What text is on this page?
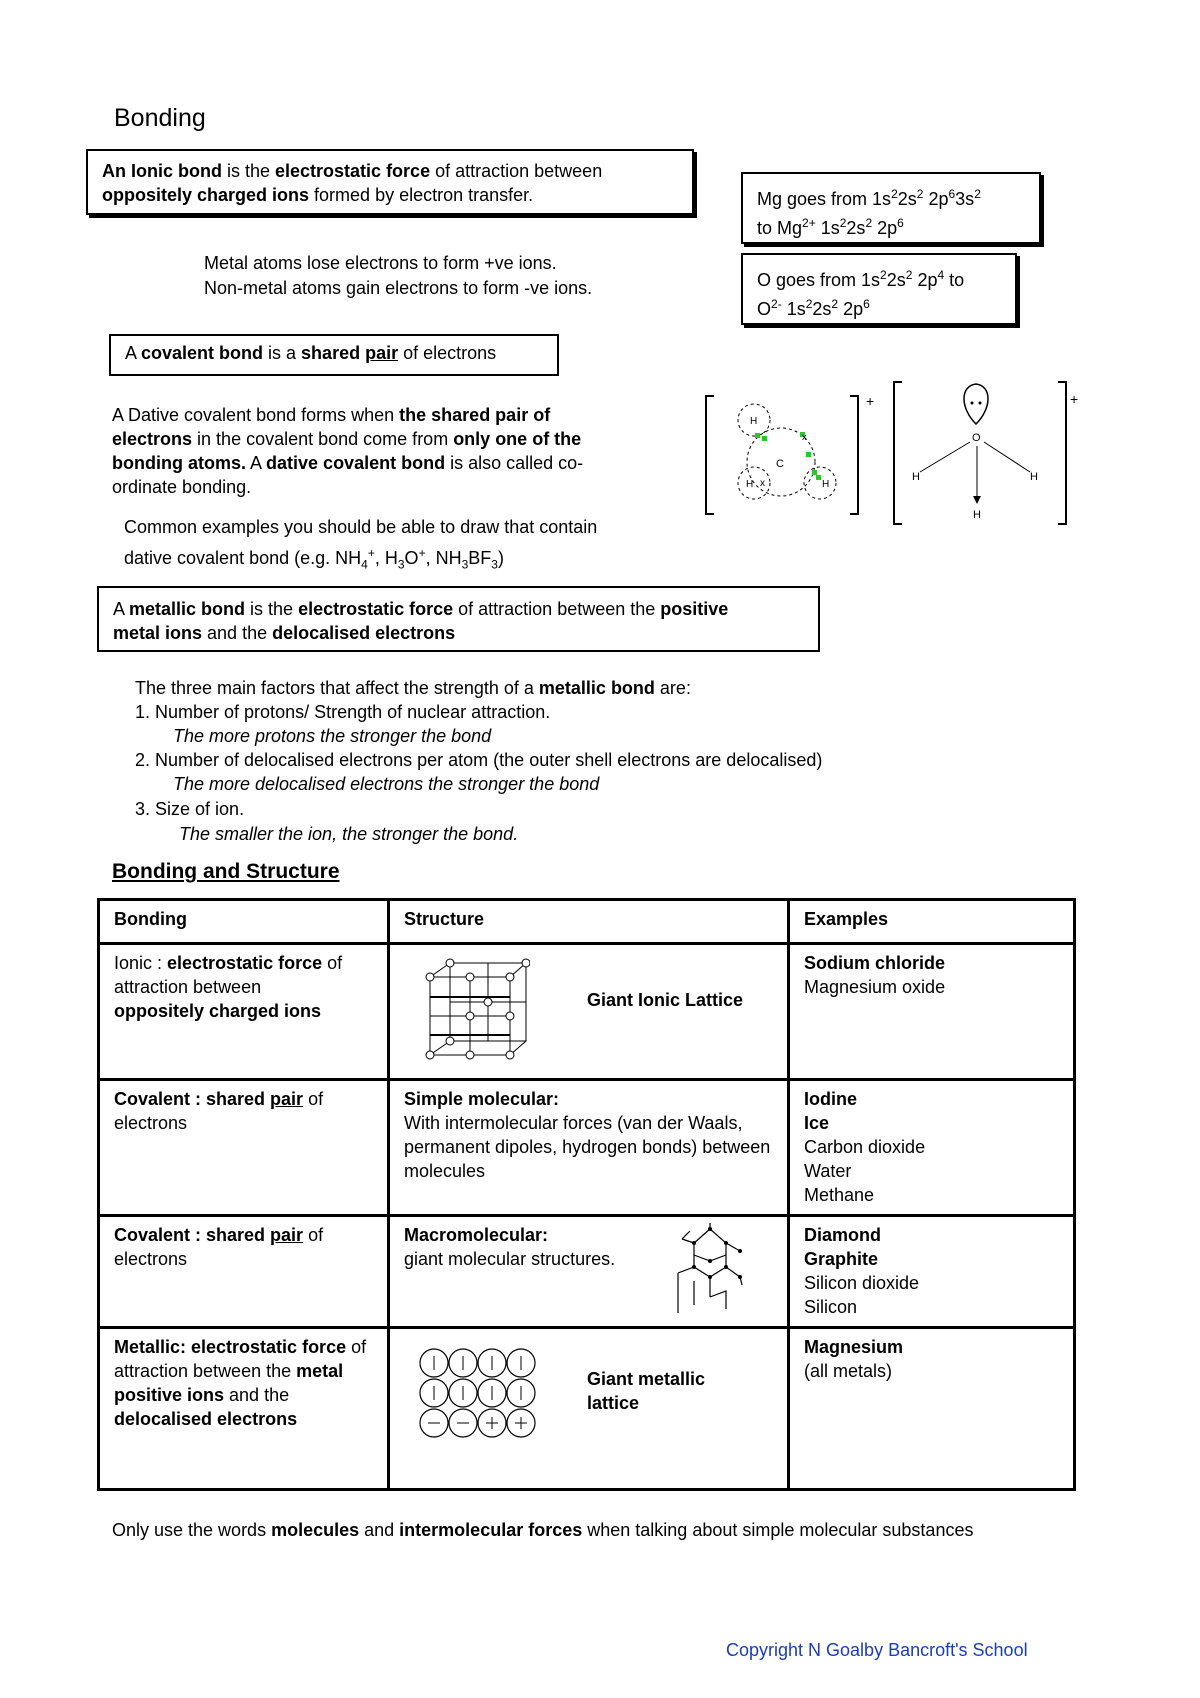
Bonding
An Ionic bond is the electrostatic force of attraction between
oppositely charged ions formed by electron transfer.	Mg goes from $1s^22s^2$ $2p^63s^2$
to $Mg^{2+}$ $1s^22s^2$ $2p^6$
O goes from $1s^22s^2$ $2p^4$ to
$O^{2-}$ $1s^22s^2$ $2p^6$
Metal atoms lose electrons to form +ve ions.
Non-metal atoms gain electrons to form -ve ions.
A covalent bond is a shared pair of electrons
A Dative covalent bond forms when the shared pair of
electrons in the covalent bond come from only one of the
bonding atoms. A dative covalent bond is also called co-
ordinate bonding.
Common examples you should be able to draw that contain
dative covalent bond (e.g. $NH_4^+$, $H_3O^+$, $NH_3BF_3$)
+
C
H
H	H
x
x
+
O
H	H
H
A metallic bond is the electrostatic force of attraction between the positive
metal ions and the delocalised electrons
The three main factors that affect the strength of a metallic bond are:
1. Number of protons/ Strength of nuclear attraction.
The more protons the stronger the bond
2. Number of delocalised electrons per atom (the outer shell electrons are delocalised)
The more delocalised electrons the stronger the bond
3. Size of ion.
The smaller the ion, the stronger the bond.
Bonding and Structure
Bonding	Structure	Examples
Ionic : electrostatic force of attraction between
oppositely charged ions	Giant Ionic Lattice	Sodium chloride
Magnesium oxide
Covalent : shared pair of electrons	Simple molecular:
With intermolecular forces (van der Waals, permanent dipoles, hydrogen bonds) between molecules	Iodine
Ice
Carbon dioxide
Water
Methane
Covalent : shared pair of electrons	Macromolecular:
giant molecular structures.	Diamond
Graphite
Silicon dioxide
Silicon
Metallic: electrostatic force of attraction between the metal positive ions and the delocalised electrons	Giant metallic lattice	Magnesium
(all metals)
Only use the words molecules and intermolecular forces when talking about simple molecular substances
Copyright N Goalby Bancroft's School
